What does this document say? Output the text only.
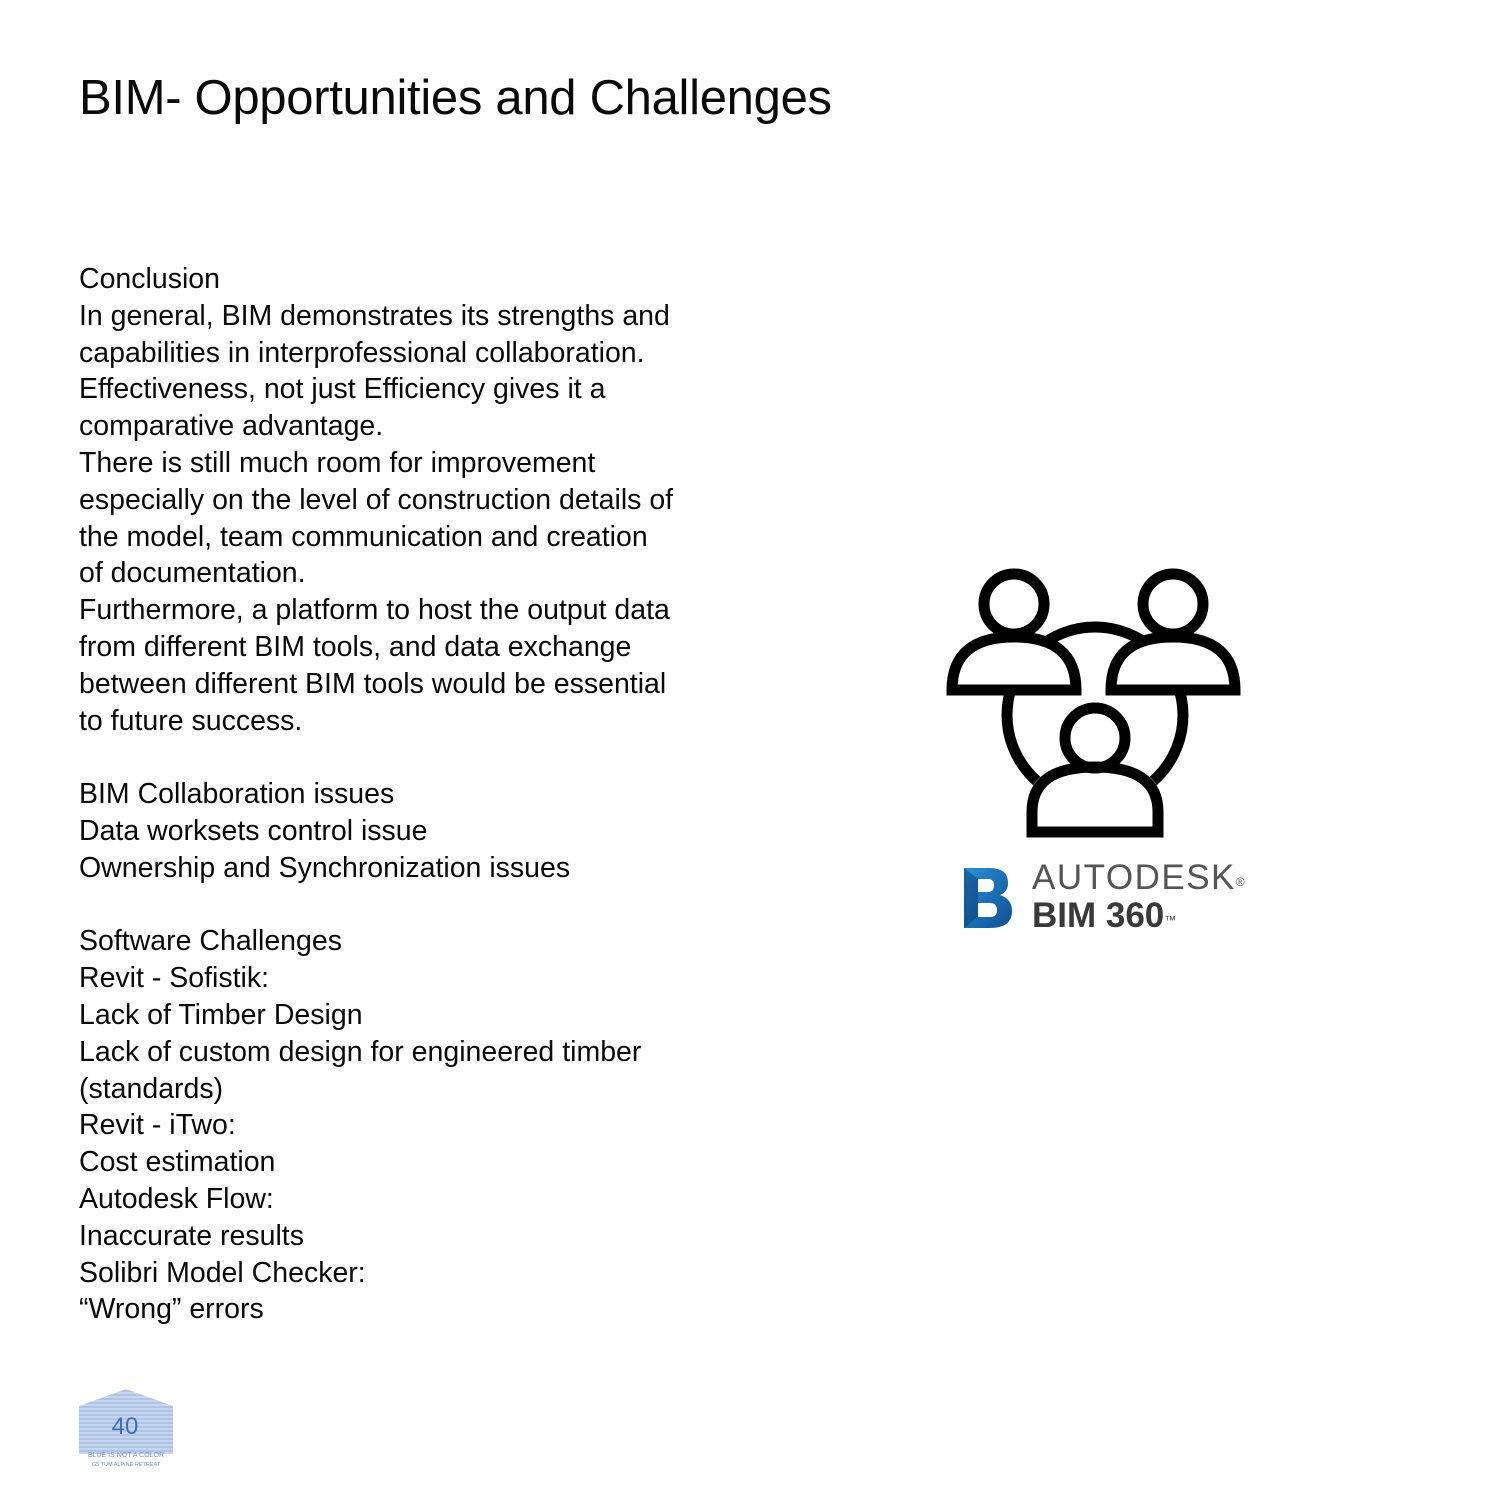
BIM- Opportunities and Challenges
Conclusion
In general, BIM demonstrates its strengths and
capabilities in interprofessional collaboration.
Effectiveness, not just Efficiency gives it a
comparative advantage.
There is still much room for improvement
especially on the level of construction details of
the model, team communication and creation
of documentation.
Furthermore, a platform to host the output data
from different BIM tools, and data exchange
between different BIM tools would be essential
to future success.
BIM Collaboration issues
Data worksets control issue
Ownership and Synchronization issues
Software Challenges
Revit - Sofistik:
Lack of Timber Design
Lack of custom design for engineered timber
(standards)
Revit - iTwo:
Cost estimation
Autodesk Flow:
Inaccurate results
Solibri Model Checker:
“Wrong” errors
AUTODESK®
BIM 360™
40
BLUE IS NOT A COLOR
G5 TUM ALPINE RETREAT
